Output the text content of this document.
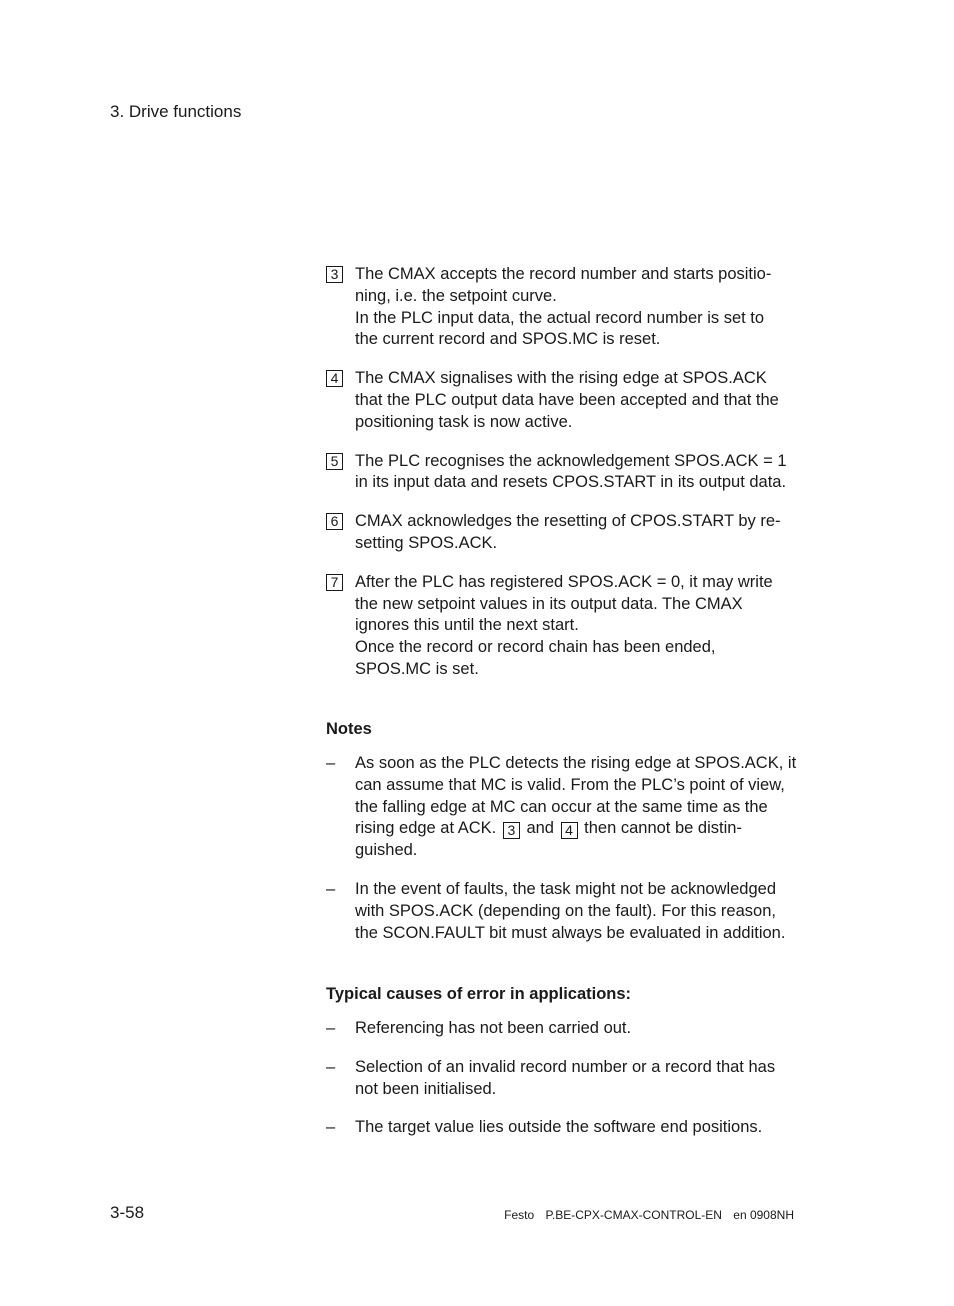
3. Drive functions
3 The CMAX accepts the record number and starts positio-

ning, i.e. the setpoint curve.

In the PLC input data, the actual record number is set to

the current record and SPOS.MC is reset.

4 The CMAX signalises with the rising edge at SPOS.ACK

that the PLC output data have been accepted and that the

positioning task is now active.

5 The PLC recognises the acknowledgement SPOS.ACK = 1

in its input data and resets CPOS.START in its output data.

6 CMAX acknowledges the resetting of CPOS.START by re-

setting SPOS.ACK.

7 After the PLC has registered SPOS.ACK = 0, it may write

the new setpoint values in its output data. The CMAX

ignores this until the next start.

Once the record or record chain has been ended,

SPOS.MC is set.

Notes
– As soon as the PLC detects the rising edge at SPOS.ACK, it
can assume that MC is valid. From the PLC’s point of view,
the falling edge at MC can occur at the same time as the
rising edge at ACK. 3 and 4 then cannot be distin-
guished.
– In the event of faults, the task might not be acknowledged
with SPOS.ACK (depending on the fault). For this reason,
the SCON.FAULT bit must always be evaluated in addition.
Typical causes of error in applications:
– Referencing has not been carried out.
– Selection of an invalid record number or a record that has
not been initialised.
– The target value lies outside the software end positions.
3-58	Festo P.BE-CPX-CMAX-CONTROL-EN en 0908NH
